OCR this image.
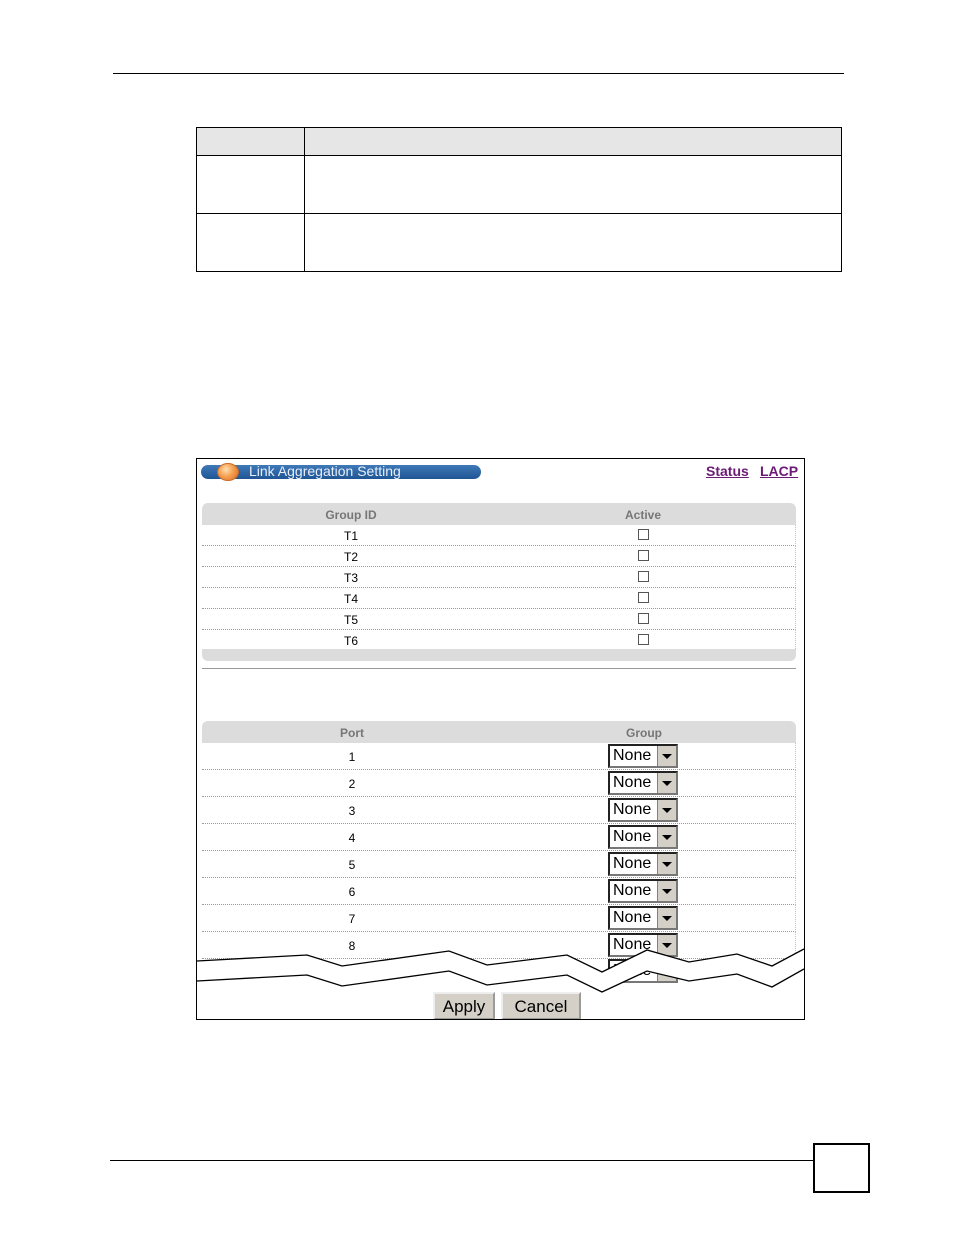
Link Aggregation Setting	Status LACP
Group ID	Active
T1
T2
T3
T4
T5
T6
Port	Group
1	None
2	None
3	None
4	None
5	None
6	None
7	None
8	None
Apply	Cancel
